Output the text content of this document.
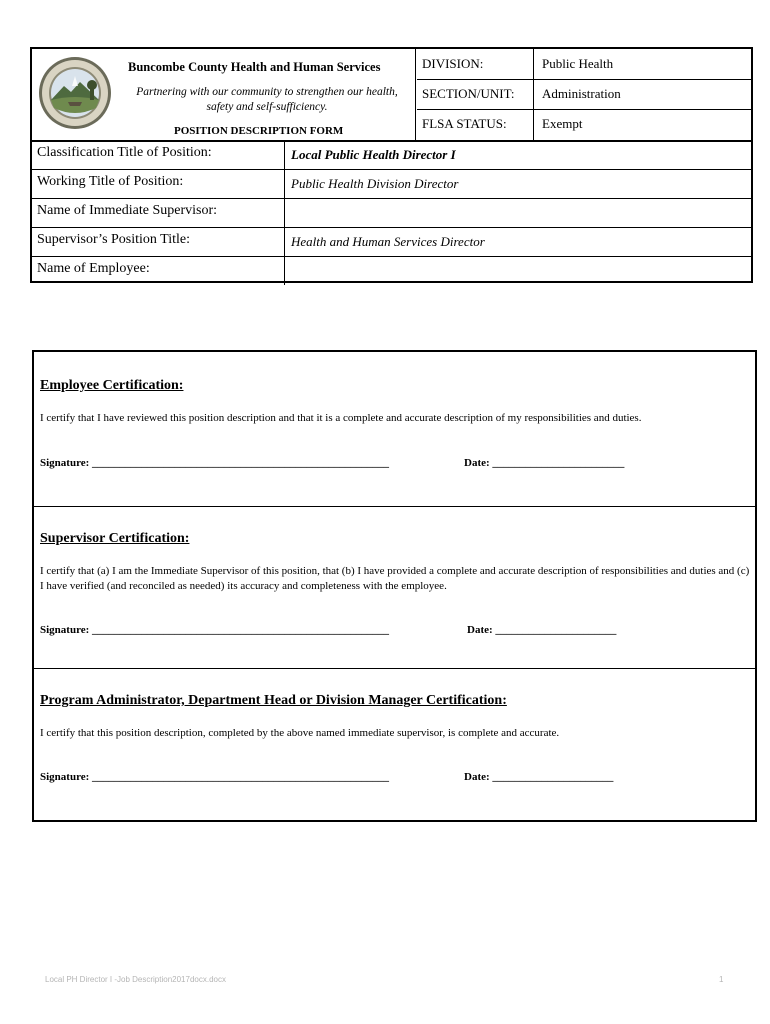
Buncombe County Health and Human Services
Partnering with our community to strengthen our health, safety and self-sufficiency.
POSITION DESCRIPTION FORM
DIVISION:	Public Health
SECTION/UNIT: Administration
FLSA STATUS:	Exempt
Classification Title of Position:	Local Public Health Director I
Working Title of Position:	Public Health Division Director
Name of Immediate Supervisor:
Supervisor’s Position Title:	Health and Human Services Director
Name of Employee:
Employee Certification:
I certify that I have reviewed this position description and that it is a complete and accurate description of my responsibilities and duties.
Signature: ______________________________________________________	Date: ________________________
Supervisor Certification:
I certify that (a) I am the Immediate Supervisor of this position, that (b) I have provided a complete and accurate description of responsibilities and duties and (c) I have verified (and reconciled as needed) its accuracy and completeness with the employee.
Signature: ______________________________________________________	Date: ______________________
Program Administrator, Department Head or Division Manager Certification:
I certify that this position description, completed by the above named immediate supervisor, is complete and accurate.
Signature: ______________________________________________________	Date: ______________________
Local PH Director I -Job Description2017docx.docx	1
